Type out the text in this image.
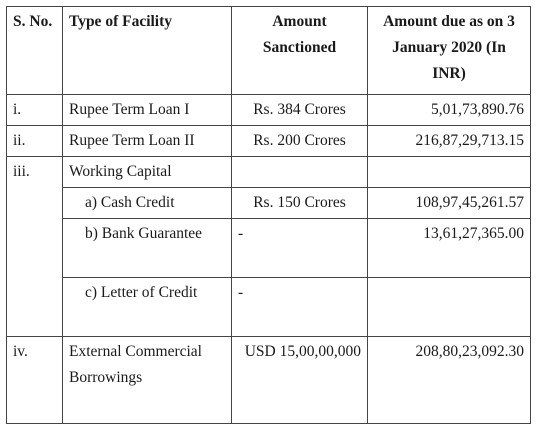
S. No.	Type of Facility	Amount Sanctioned	Amount due as on 3 January 2020 (In INR)
i.	Rupee Term Loan I	Rs. 384 Crores	5,01,73,890.76
ii.	Rupee Term Loan II	Rs. 200 Crores	216,87,29,713.15
iii.	Working Capital		
	a) Cash Credit	Rs. 150 Crores	108,97,45,261.57
	b) Bank Guarantee	-	13,61,27,365.00
	c) Letter of Credit	-	
iv.	External Commercial Borrowings	USD 15,00,00,000	208,80,23,092.30
